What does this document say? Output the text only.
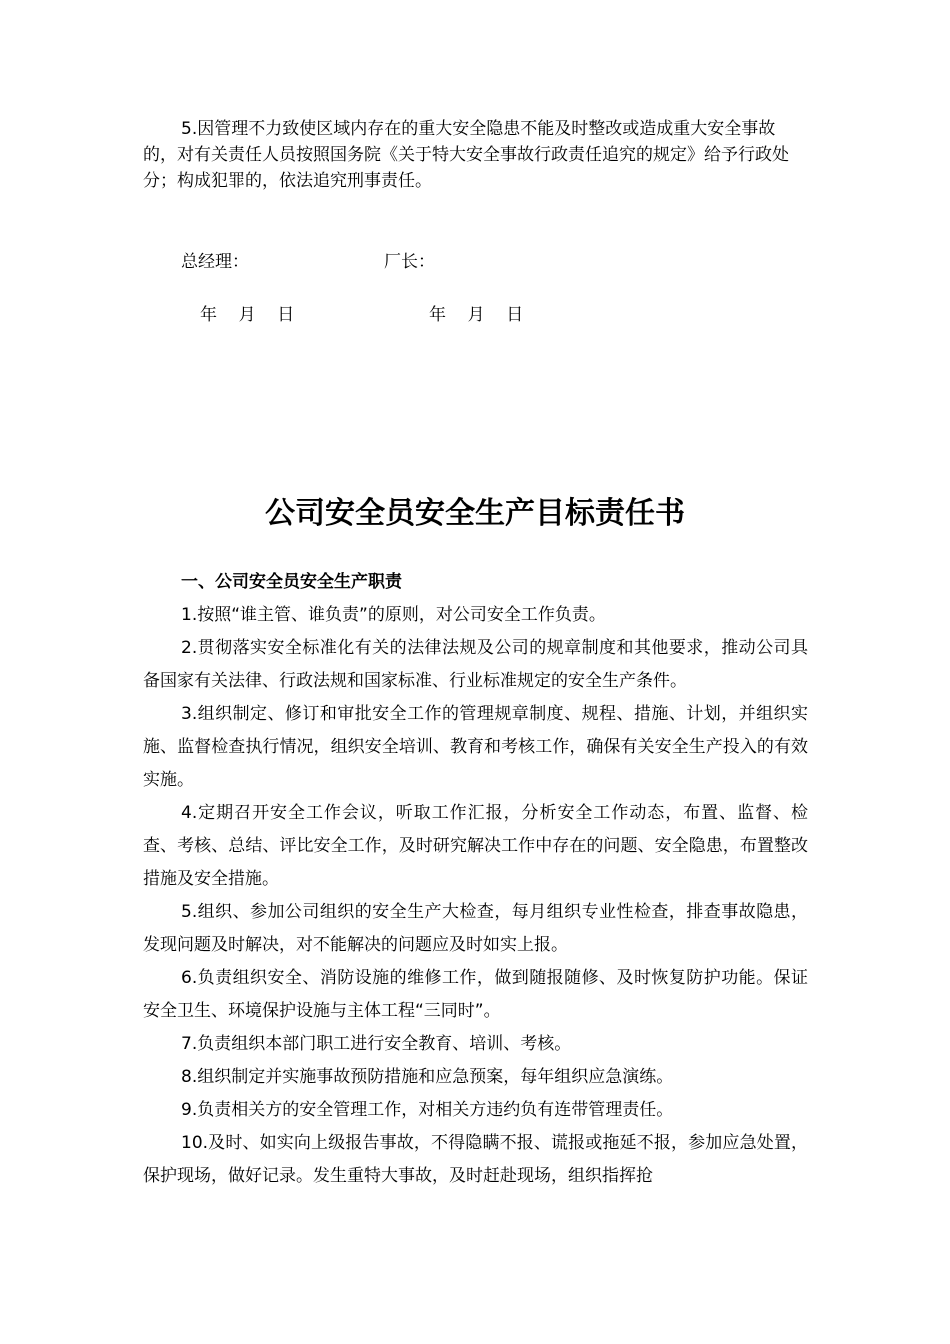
5.因管理不力致使区域内存在的重大安全隐患不能及时整改或造成重大安全事故的，对有关责任人员按照国务院《关于特大安全事故行政责任追究的规定》给予行政处分；构成犯罪的，依法追究刑事责任。

总经理：	厂长：

年    月    日	年    月    日

公司安全员安全生产目标责任书

一、公司安全员安全生产职责

1.按照“谁主管、谁负责”的原则，对公司安全工作负责。

2.贯彻落实安全标准化有关的法律法规及公司的规章制度和其他要求，推动公司具备国家有关法律、行政法规和国家标准、行业标准规定的安全生产条件。

3.组织制定、修订和审批安全工作的管理规章制度、规程、措施、计划，并组织实施、监督检查执行情况，组织安全培训、教育和考核工作，确保有关安全生产投入的有效实施。

4.定期召开安全工作会议，听取工作汇报，分析安全工作动态，布置、监督、检查、考核、总结、评比安全工作，及时研究解决工作中存在的问题、安全隐患，布置整改措施及安全措施。

5.组织、参加公司组织的安全生产大检查，每月组织专业性检查，排查事故隐患，发现问题及时解决，对不能解决的问题应及时如实上报。

6.负责组织安全、消防设施的维修工作，做到随报随修、及时恢复防护功能。保证安全卫生、环境保护设施与主体工程“三同时”。

7.负责组织本部门职工进行安全教育、培训、考核。

8.组织制定并实施事故预防措施和应急预案，每年组织应急演练。

9.负责相关方的安全管理工作，对相关方违约负有连带管理责任。

10.及时、如实向上级报告事故，不得隐瞒不报、谎报或拖延不报，参加应急处置，保护现场，做好记录。发生重特大事故，及时赶赴现场，组织指挥抢
